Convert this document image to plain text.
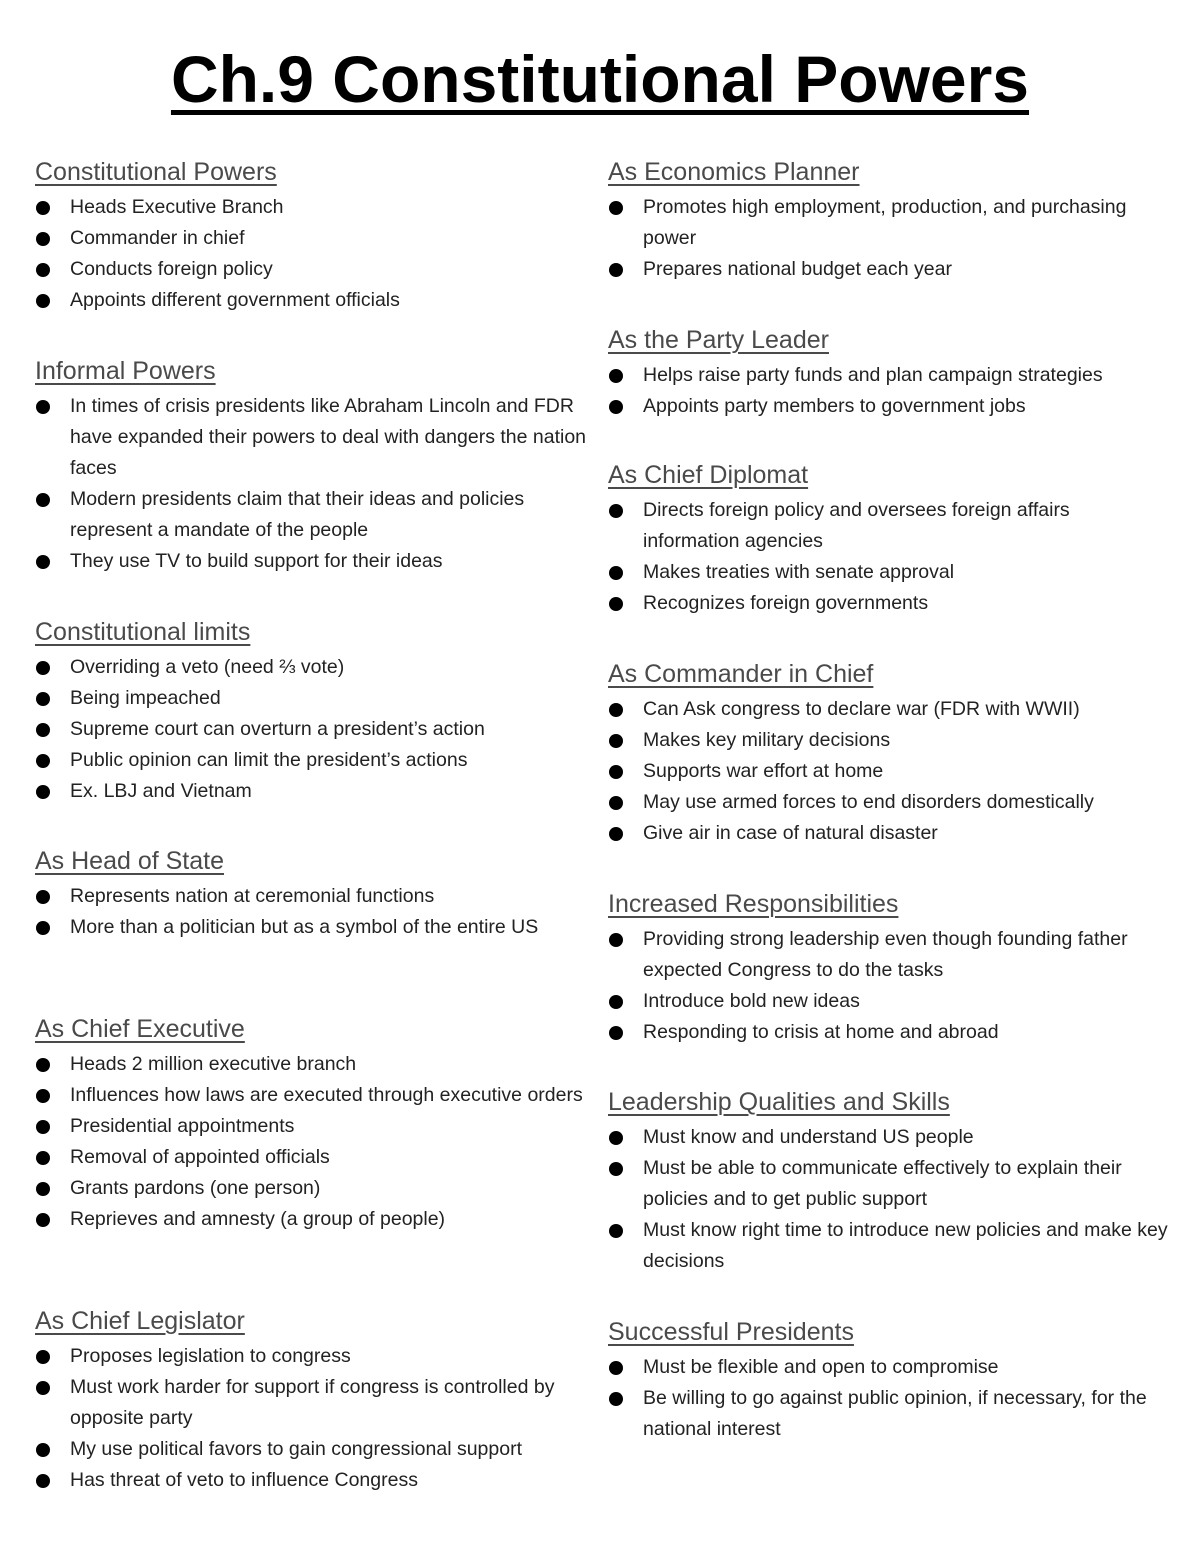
Ch.9 Constitutional Powers
Constitutional Powers
Heads Executive Branch
Commander in chief
Conducts foreign policy
Appoints different government officials
Informal Powers
In times of crisis presidents like Abraham Lincoln and FDR have expanded their powers to deal with dangers the nation faces
Modern presidents claim that their ideas and policies represent a mandate of the people
They use TV to build support for their ideas
Constitutional limits
Overriding a veto (need ⅔ vote)
Being impeached
Supreme court can overturn a president’s action
Public opinion can limit the president’s actions
Ex. LBJ and Vietnam
As Head of State
Represents nation at ceremonial functions
More than a politician but as a symbol of the entire US
As Chief Executive
Heads 2 million executive branch
Influences how laws are executed through executive orders
Presidential appointments
Removal of appointed officials
Grants pardons (one person)
Reprieves and amnesty (a group of people)
As Chief Legislator
Proposes legislation to congress
Must work harder for support if congress is controlled by opposite party
My use political favors to gain congressional support
Has threat of veto to influence Congress
As Economics Planner
Promotes high employment, production, and purchasing power
Prepares national budget each year
As the Party Leader
Helps raise party funds and plan campaign strategies
Appoints party members to government jobs
As Chief Diplomat
Directs foreign policy and oversees foreign affairs information agencies
Makes treaties with senate approval
Recognizes foreign governments
As Commander in Chief
Can Ask congress to declare war (FDR with WWII)
Makes key military decisions
Supports war effort at home
May use armed forces to end disorders domestically
Give air in case of natural disaster
Increased Responsibilities
Providing strong leadership even though founding father expected Congress to do the tasks
Introduce bold new ideas
Responding to crisis at home and abroad
Leadership Qualities and Skills
Must know and understand US people
Must be able to communicate effectively to explain their policies and to get public support
Must know right time to introduce new policies and make key decisions
Successful Presidents
Must be flexible and open to compromise
Be willing to go against public opinion, if necessary, for the national interest
